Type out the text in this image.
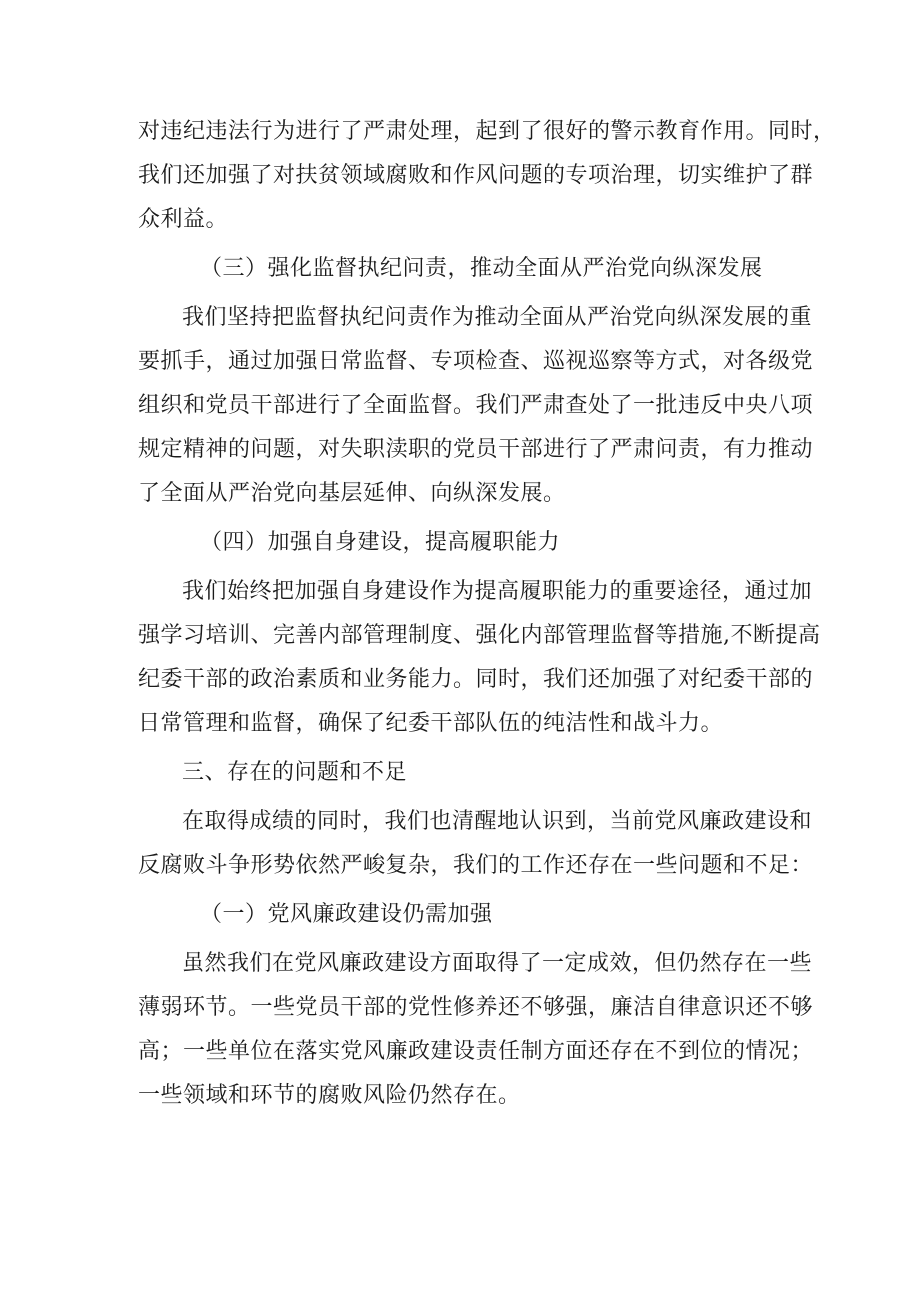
对违纪违法行为进行了严肃处理，起到了很好的警示教育作用。同时，
我们还加强了对扶贫领域腐败和作风问题的专项治理，切实维护了群
众利益。
（三）强化监督执纪问责，推动全面从严治党向纵深发展
我们坚持把监督执纪问责作为推动全面从严治党向纵深发展的重
要抓手，通过加强日常监督、专项检查、巡视巡察等方式，对各级党
组织和党员干部进行了全面监督。我们严肃查处了一批违反中央八项
规定精神的问题，对失职渎职的党员干部进行了严肃问责，有力推动
了全面从严治党向基层延伸、向纵深发展。
（四）加强自身建设，提高履职能力
我们始终把加强自身建设作为提高履职能力的重要途径，通过加
强学习培训、完善内部管理制度、强化内部管理监督等措施,不断提高
纪委干部的政治素质和业务能力。同时，我们还加强了对纪委干部的
日常管理和监督，确保了纪委干部队伍的纯洁性和战斗力。
三、存在的问题和不足
在取得成绩的同时，我们也清醒地认识到，当前党风廉政建设和
反腐败斗争形势依然严峻复杂，我们的工作还存在一些问题和不足：
（一）党风廉政建设仍需加强
虽然我们在党风廉政建设方面取得了一定成效，但仍然存在一些
薄弱环节。一些党员干部的党性修养还不够强，廉洁自律意识还不够
高；一些单位在落实党风廉政建设责任制方面还存在不到位的情况；
一些领域和环节的腐败风险仍然存在。
